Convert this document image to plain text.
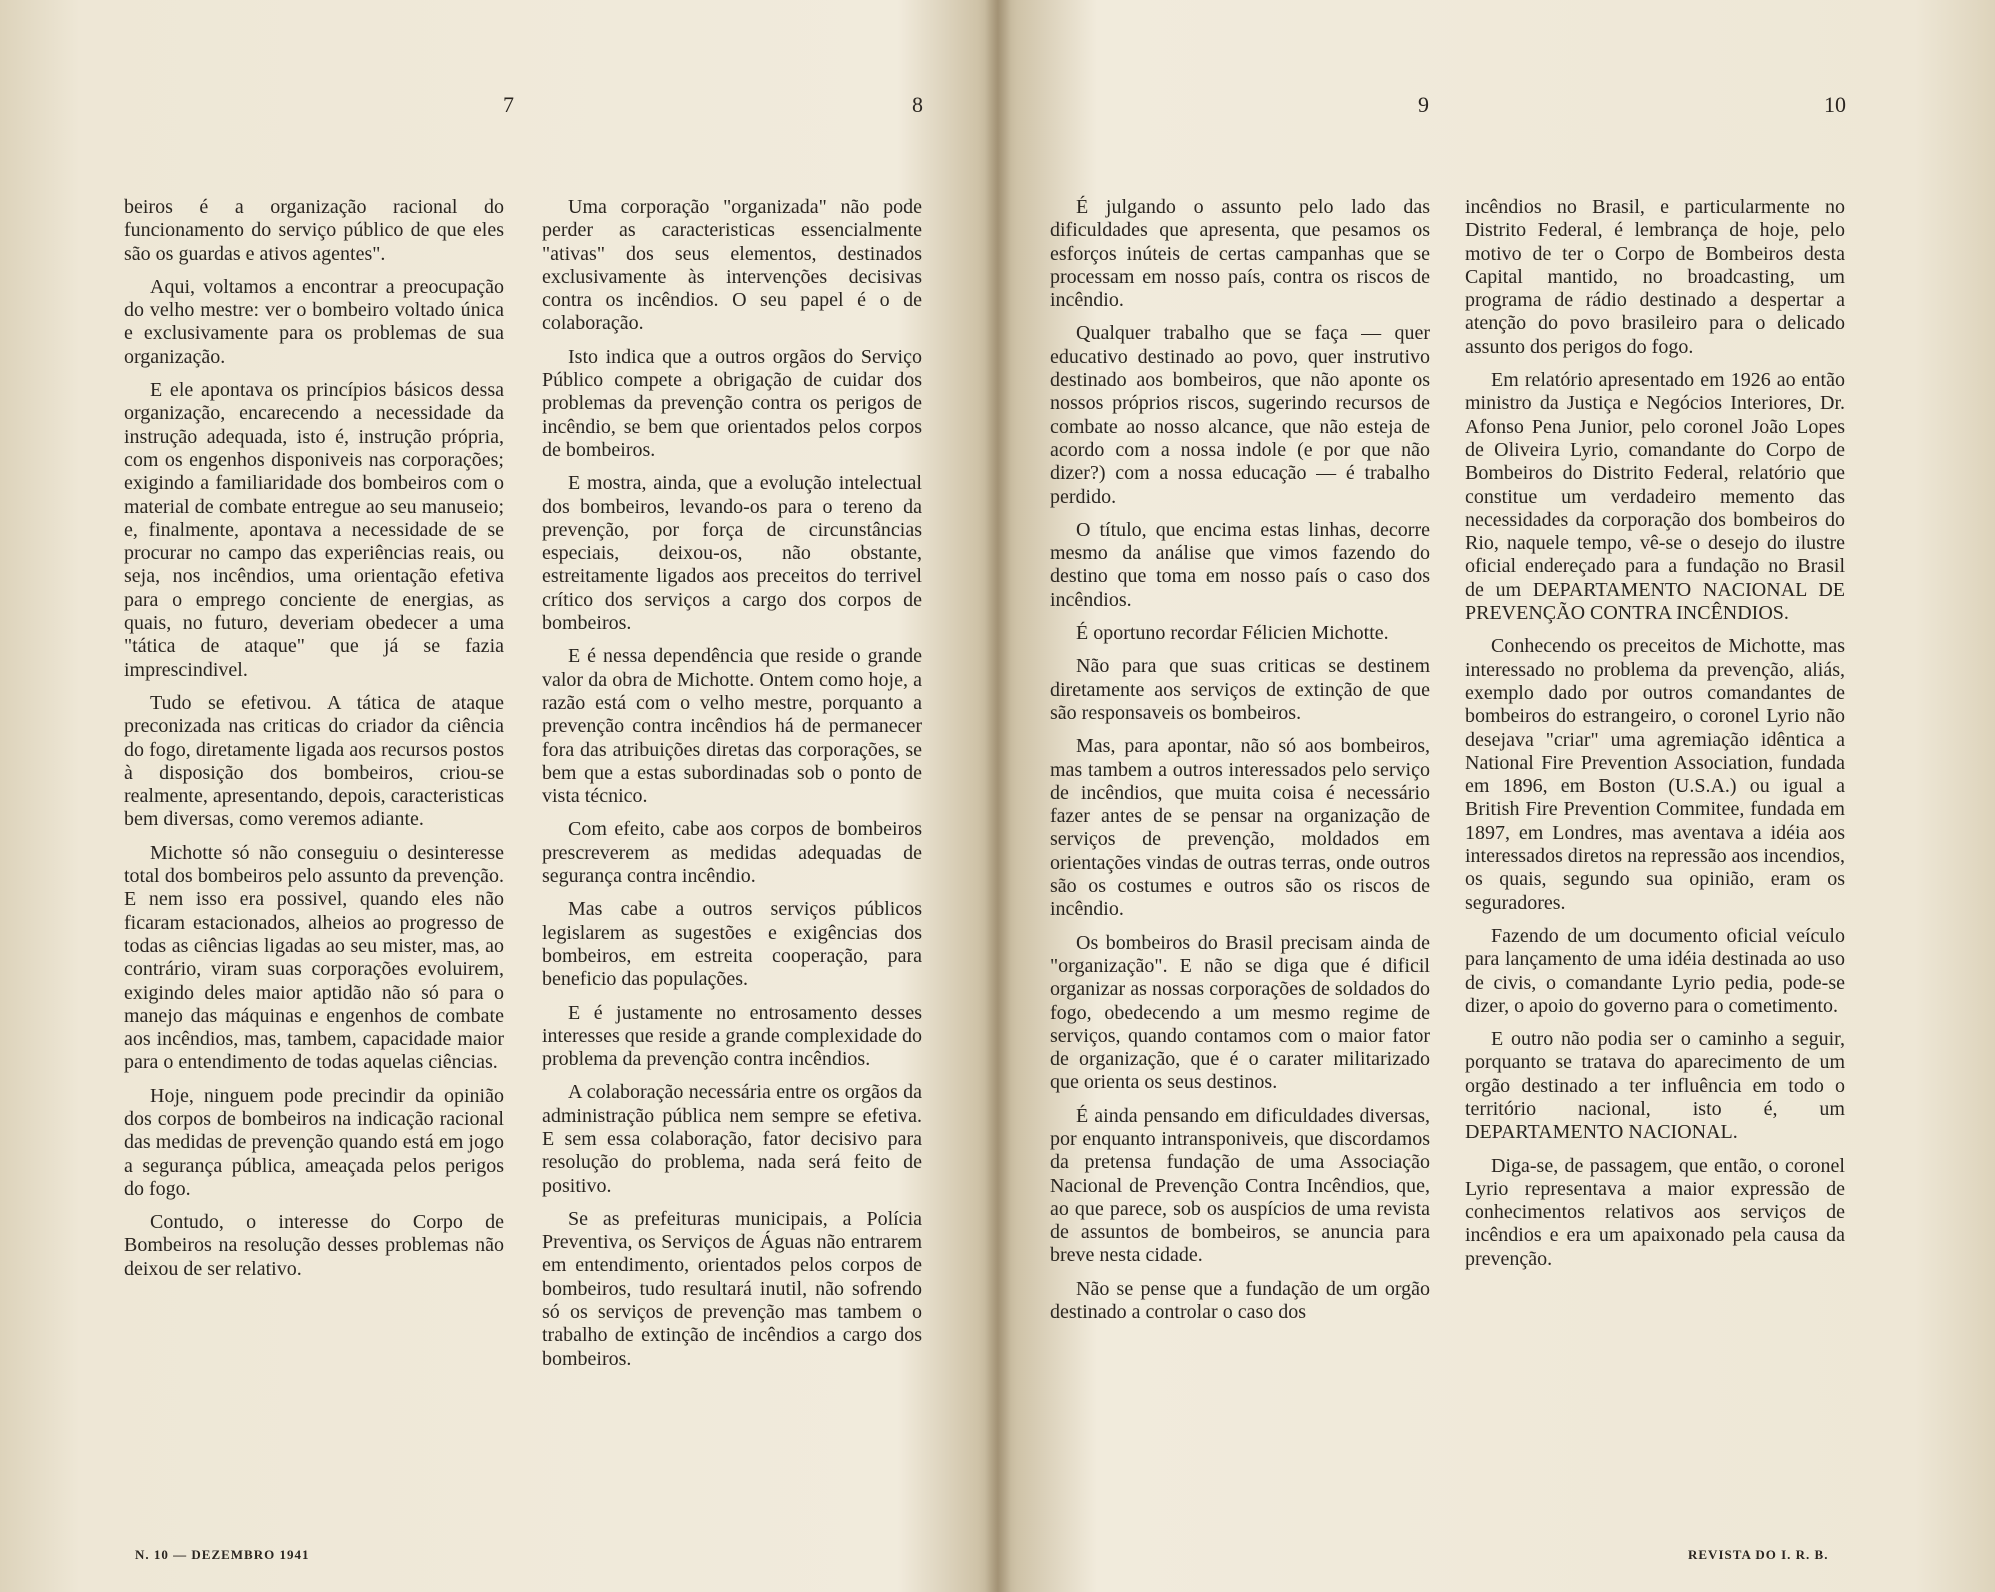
7	8	9	10

beiros é a organização racional do funcionamento do serviço público de que eles são os guardas e ativos agentes".

Aqui, voltamos a encontrar a preocupação do velho mestre: ver o bombeiro voltado única e exclusivamente para os problemas de sua organização.

E ele apontava os princípios básicos dessa organização, encarecendo a necessidade da instrução adequada, isto é, instrução própria, com os engenhos disponiveis nas corporações; exigindo a familiaridade dos bombeiros com o material de combate entregue ao seu manuseio; e, finalmente, apontava a necessidade de se procurar no campo das experiências reais, ou seja, nos incêndios, uma orientação efetiva para o emprego conciente de energias, as quais, no futuro, deveriam obedecer a uma "tática de ataque" que já se fazia imprescindivel.

Tudo se efetivou. A tática de ataque preconizada nas criticas do criador da ciência do fogo, diretamente ligada aos recursos postos à disposição dos bombeiros, criou-se realmente, apresentando, depois, caracteristicas bem diversas, como veremos adiante.

Michotte só não conseguiu o desinteresse total dos bombeiros pelo assunto da prevenção. E nem isso era possivel, quando eles não ficaram estacionados, alheios ao progresso de todas as ciências ligadas ao seu mister, mas, ao contrário, viram suas corporações evoluirem, exigindo deles maior aptidão não só para o manejo das máquinas e engenhos de combate aos incêndios, mas, tambem, capacidade maior para o entendimento de todas aquelas ciências.

Hoje, ninguem pode precindir da opinião dos corpos de bombeiros na indicação racional das medidas de prevenção quando está em jogo a segurança pública, ameaçada pelos perigos do fogo.

Contudo, o interesse do Corpo de Bombeiros na resolução desses problemas não deixou de ser relativo.

Uma corporação "organizada" não pode perder as caracteristicas essencialmente "ativas" dos seus elementos, destinados exclusivamente às intervenções decisivas contra os incêndios. O seu papel é o de colaboração.

Isto indica que a outros orgãos do Serviço Público compete a obrigação de cuidar dos problemas da prevenção contra os perigos de incêndio, se bem que orientados pelos corpos de bombeiros.

E mostra, ainda, que a evolução intelectual dos bombeiros, levando-os para o tereno da prevenção, por força de circunstâncias especiais, deixou-os, não obstante, estreitamente ligados aos preceitos do terrivel crítico dos serviços a cargo dos corpos de bombeiros.

E é nessa dependência que reside o grande valor da obra de Michotte. Ontem como hoje, a razão está com o velho mestre, porquanto a prevenção contra incêndios há de permanecer fora das atribuições diretas das corporações, se bem que a estas subordinadas sob o ponto de vista técnico.

Com efeito, cabe aos corpos de bombeiros prescreverem as medidas adequadas de segurança contra incêndio.

Mas cabe a outros serviços públicos legislarem as sugestões e exigências dos bombeiros, em estreita cooperação, para beneficio das populações.

E é justamente no entrosamento desses interesses que reside a grande complexidade do problema da prevenção contra incêndios.

A colaboração necessária entre os orgãos da administração pública nem sempre se efetiva. E sem essa colaboração, fator decisivo para resolução do problema, nada será feito de positivo.

Se as prefeituras municipais, a Polícia Preventiva, os Serviços de Águas não entrarem em entendimento, orientados pelos corpos de bombeiros, tudo resultará inutil, não sofrendo só os serviços de prevenção mas tambem o trabalho de extinção de incêndios a cargo dos bombeiros.

É julgando o assunto pelo lado das dificuldades que apresenta, que pesamos os esforços inúteis de certas campanhas que se processam em nosso país, contra os riscos de incêndio.

Qualquer trabalho que se faça — quer educativo destinado ao povo, quer instrutivo destinado aos bombeiros, que não aponte os nossos próprios riscos, sugerindo recursos de combate ao nosso alcance, que não esteja de acordo com a nossa indole (e por que não dizer?) com a nossa educação — é trabalho perdido.

O título, que encima estas linhas, decorre mesmo da análise que vimos fazendo do destino que toma em nosso país o caso dos incêndios.

É oportuno recordar Félicien Michotte.

Não para que suas criticas se destinem diretamente aos serviços de extinção de que são responsaveis os bombeiros.

Mas, para apontar, não só aos bombeiros, mas tambem a outros interessados pelo serviço de incêndios, que muita coisa é necessário fazer antes de se pensar na organização de serviços de prevenção, moldados em orientações vindas de outras terras, onde outros são os costumes e outros são os riscos de incêndio.

Os bombeiros do Brasil precisam ainda de "organização". E não se diga que é dificil organizar as nossas corporações de soldados do fogo, obedecendo a um mesmo regime de serviços, quando contamos com o maior fator de organização, que é o carater militarizado que orienta os seus destinos.

É ainda pensando em dificuldades diversas, por enquanto intransponiveis, que discordamos da pretensa fundação de uma Associação Nacional de Prevenção Contra Incêndios, que, ao que parece, sob os auspícios de uma revista de assuntos de bombeiros, se anuncia para breve nesta cidade.

Não se pense que a fundação de um orgão destinado a controlar o caso dos

incêndios no Brasil, e particularmente no Distrito Federal, é lembrança de hoje, pelo motivo de ter o Corpo de Bombeiros desta Capital mantido, no broadcasting, um programa de rádio destinado a despertar a atenção do povo brasileiro para o delicado assunto dos perigos do fogo.

Em relatório apresentado em 1926 ao então ministro da Justiça e Negócios Interiores, Dr. Afonso Pena Junior, pelo coronel João Lopes de Oliveira Lyrio, comandante do Corpo de Bombeiros do Distrito Federal, relatório que constitue um verdadeiro memento das necessidades da corporação dos bombeiros do Rio, naquele tempo, vê-se o desejo do ilustre oficial endereçado para a fundação no Brasil de um DEPARTAMENTO NACIONAL DE PREVENÇÃO CONTRA INCÊNDIOS.

Conhecendo os preceitos de Michotte, mas interessado no problema da prevenção, aliás, exemplo dado por outros comandantes de bombeiros do estrangeiro, o coronel Lyrio não desejava "criar" uma agremiação idêntica a National Fire Prevention Association, fundada em 1896, em Boston (U.S.A.) ou igual a British Fire Prevention Commitee, fundada em 1897, em Londres, mas aventava a idéia aos interessados diretos na repressão aos incendios, os quais, segundo sua opinião, eram os seguradores.

Fazendo de um documento oficial veículo para lançamento de uma idéia destinada ao uso de civis, o comandante Lyrio pedia, pode-se dizer, o apoio do governo para o cometimento.

E outro não podia ser o caminho a seguir, porquanto se tratava do aparecimento de um orgão destinado a ter influência em todo o território nacional, isto é, um DEPARTAMENTO NACIONAL.

Diga-se, de passagem, que então, o coronel Lyrio representava a maior expressão de conhecimentos relativos aos serviços de incêndios e era um apaixonado pela causa da prevenção.

N. 10 — DEZEMBRO 1941	REVISTA DO I. R. B.
